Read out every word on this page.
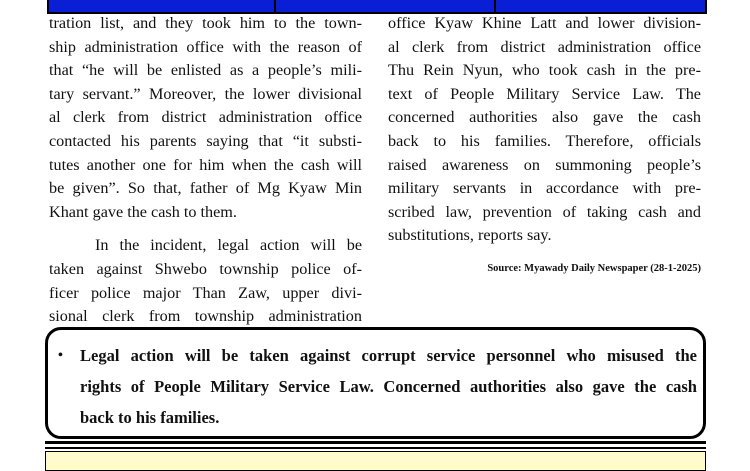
tration list, and they took him to the town-
ship administration office with the reason of
that “he will be enlisted as a people’s mili-
tary servant.” Moreover, the lower divisional
al clerk from district administration office
contacted his parents saying that “it substi-
tutes another one for him when the cash will
be given”. So that, father of Mg Kyaw Min
Khant gave the cash to them.

In the incident, legal action will be
taken against Shwebo township police of-
ficer police major Than Zaw, upper divi-
sional clerk from township administration

office Kyaw Khine Latt and lower division-
al clerk from district administration office
Thu Rein Nyun, who took cash in the pre-
text of People Military Service Law. The
concerned authorities also gave the cash
back to his families. Therefore, officials
raised awareness on summoning people’s
military servants in accordance with pre-
scribed law, prevention of taking cash and
substitutions, reports say.

Source: Myawady Daily Newspaper (28-1-2025)
• Legal action will be taken against corrupt service personnel who misused the
rights of People Military Service Law. Concerned authorities also gave the cash
back to his families.
